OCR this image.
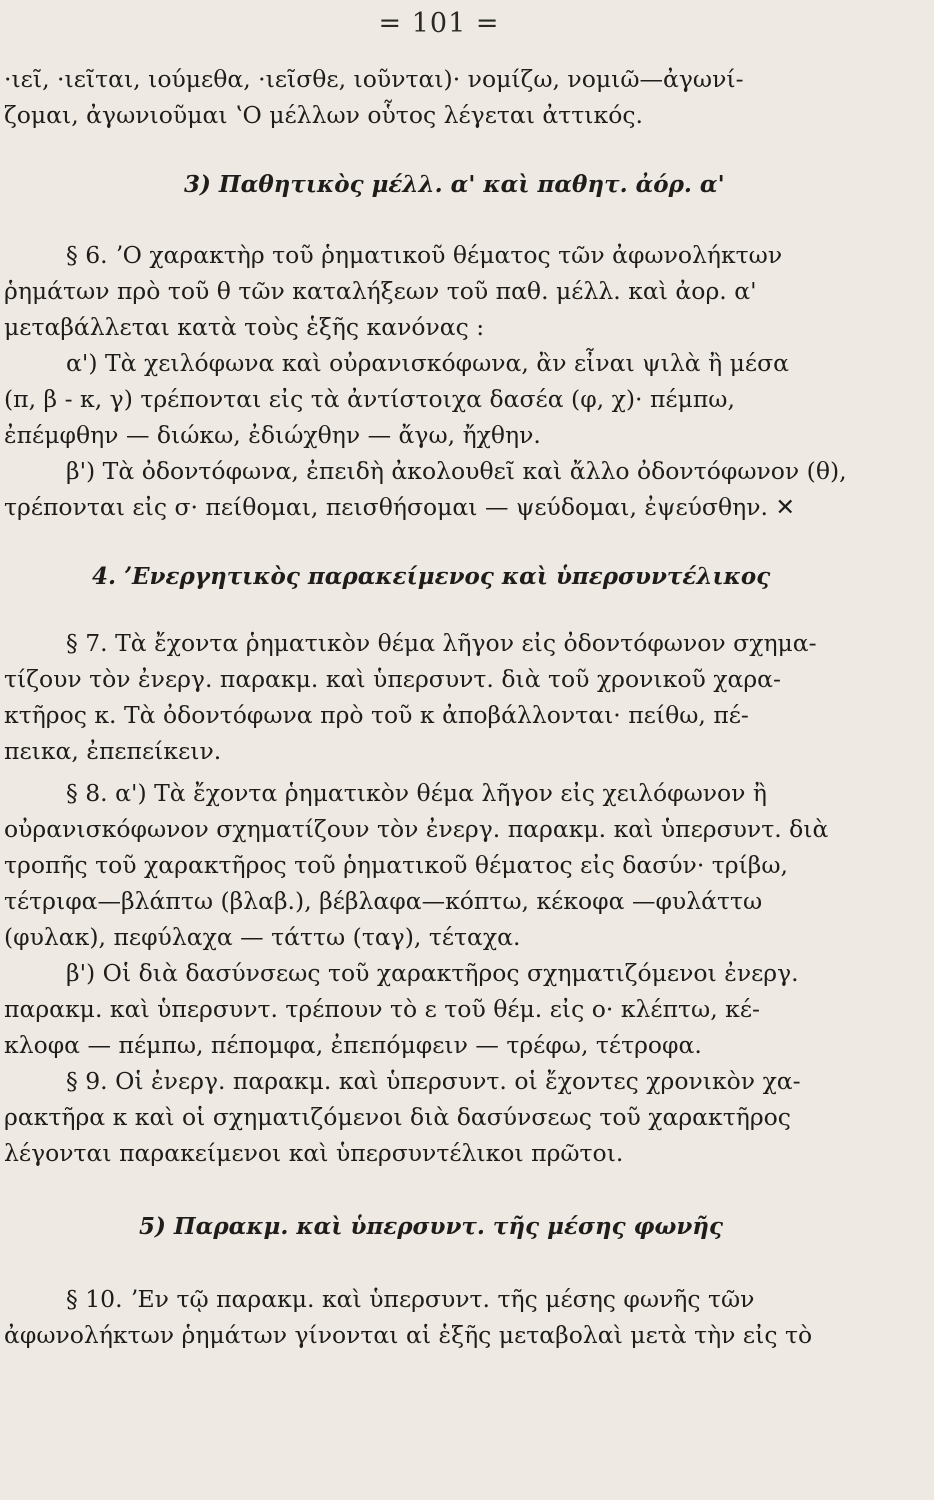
= 101 =

·ιεῖ, ·ιεῖται, ιούμεθα, ·ιεῖσθε, ιοῦνται)· νομίζω, νομιῶ—ἀγωνί-

ζομαι, ἀγωνιοῦμαι ʽΟ μέλλων οὗτος λέγεται ἀττικός.

3) Παθητικὸς μέλλ. α' καὶ παθητ. ἀόρ. α'

§ 6. ʼΟ χαρακτὴρ τοῦ ῥηματικοῦ θέματος τῶν ἀφωνολήκτων

ῥημάτων πρὸ τοῦ θ τῶν καταλήξεων τοῦ παθ. μέλλ. καὶ ἀορ. α'

μεταβάλλεται κατὰ τοὺς ἑξῆς κανόνας :

α') Τὰ χειλόφωνα καὶ οὐρανισκόφωνα, ἂν εἶναι ψιλὰ ἢ μέσα

(π, β - κ, γ) τρέπονται εἰς τὰ ἀντίστοιχα δασέα (φ, χ)· πέμπω,

ἐπέμφθην — διώκω, ἐδιώχθην — ἄγω, ἤχθην.

β') Τὰ ὀδοντόφωνα, ἐπειδὴ ἀκολουθεῖ καὶ ἄλλο ὀδοντόφωνον (θ),

τρέπονται εἰς σ· πείθομαι, πεισθήσομαι — ψεύδομαι, ἐψεύσθην. ✕

4. ʼΕνεργητικὸς παρακείμενος καὶ ὑπερσυντέλικος

§ 7. Τὰ ἔχοντα ῥηματικὸν θέμα λῆγον εἰς ὀδοντόφωνον σχημα-

τίζουν τὸν ἐνεργ. παρακμ. καὶ ὑπερσυντ. διὰ τοῦ χρονικοῦ χαρα-

κτῆρος κ. Τὰ ὀδοντόφωνα πρὸ τοῦ κ ἀποβάλλονται· πείθω, πέ-

πεικα, ἐπεπείκειν.

§ 8. α') Τὰ ἔχοντα ῥηματικὸν θέμα λῆγον εἰς χειλόφωνον ἢ

οὐρανισκόφωνον σχηματίζουν τὸν ἐνεργ. παρακμ. καὶ ὑπερσυντ. διὰ

τροπῆς τοῦ χαρακτῆρος τοῦ ῥηματικοῦ θέματος εἰς δασύν· τρίβω,

τέτριφα—βλάπτω (βλαβ.), βέβλαφα—κόπτω, κέκοφα —φυλάττω

(φυλακ), πεφύλαχα — τάττω (ταγ), τέταχα.

β') Οἱ διὰ δασύνσεως τοῦ χαρακτῆρος σχηματιζόμενοι ἐνεργ.

παρακμ. καὶ ὑπερσυντ. τρέπουν τὸ ε τοῦ θέμ. εἰς ο· κλέπτω, κέ-

κλοφα — πέμπω, πέπομφα, ἐπεπόμφειν — τρέφω, τέτροφα.

§ 9. Οἱ ἐνεργ. παρακμ. καὶ ὑπερσυντ. οἱ ἔχοντες χρονικὸν χα-

ρακτῆρα κ καὶ οἱ σχηματιζόμενοι διὰ δασύνσεως τοῦ χαρακτῆρος

λέγονται παρακείμενοι καὶ ὑπερσυντέλικοι πρῶτοι.

5) Παρακμ. καὶ ὑπερσυντ. τῆς μέσης φωνῆς

§ 10. ʼΕν τῷ παρακμ. καὶ ὑπερσυντ. τῆς μέσης φωνῆς τῶν

ἀφωνολήκτων ῥημάτων γίνονται αἱ ἑξῆς μεταβολαὶ μετὰ τὴν εἰς τὸ
